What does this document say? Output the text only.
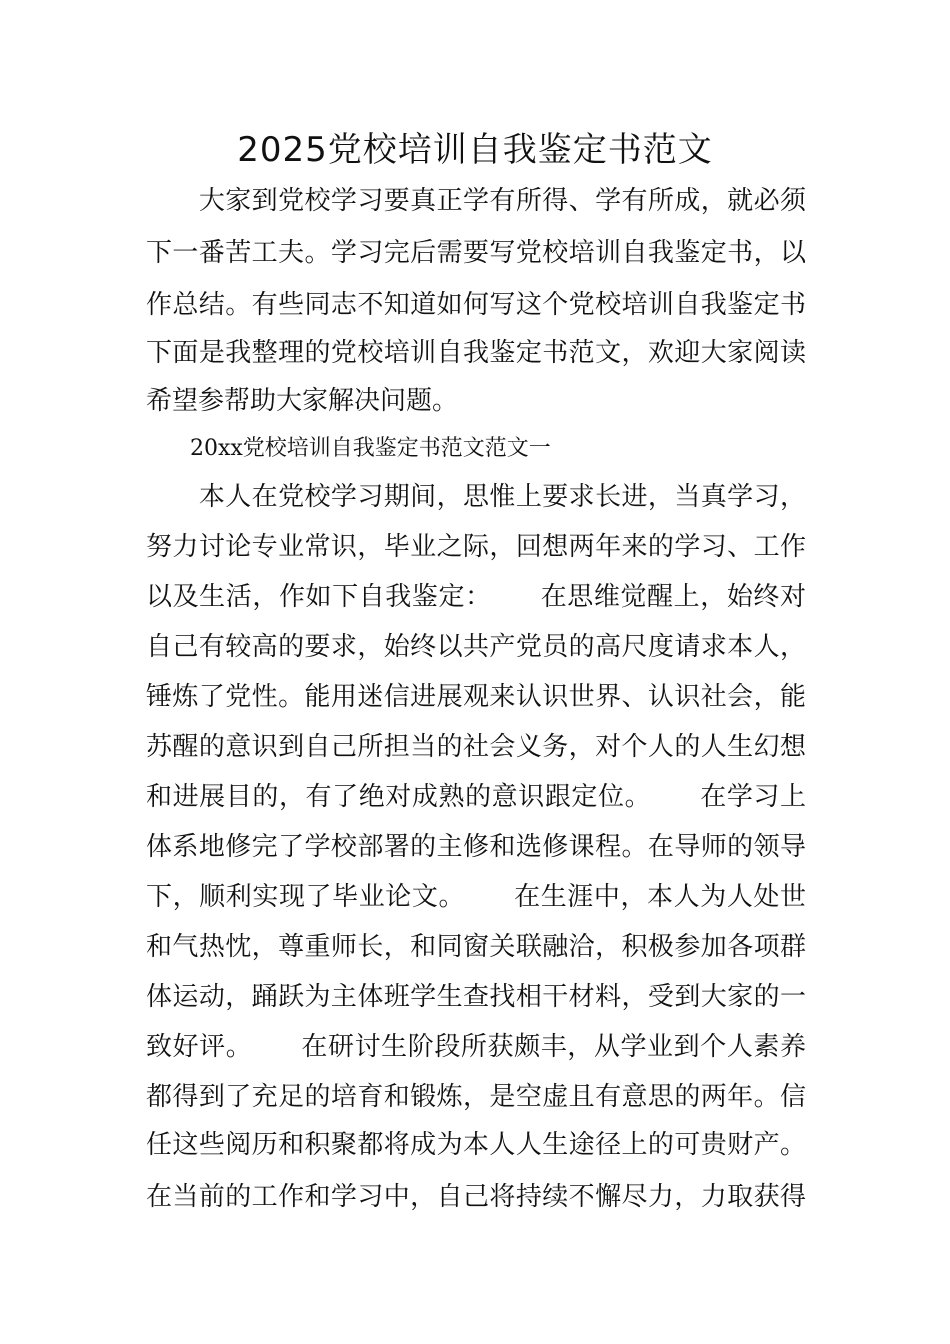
2025党校培训自我鉴定书范文
　　大家到党校学习要真正学有所得、学有所成，就必须
下一番苦工夫。学习完后需要写党校培训自我鉴定书，以
作总结。有些同志不知道如何写这个党校培训自我鉴定书
下面是我整理的党校培训自我鉴定书范文，欢迎大家阅读
希望参帮助大家解决问题。
　　20xx党校培训自我鉴定书范文范文一
　　本人在党校学习期间，思惟上要求长进，当真学习，
努力讨论专业常识，毕业之际，回想两年来的学习、工作
以及生活，作如下自我鉴定：　　 在思维觉醒上，始终对
自己有较高的要求，始终以共产党员的高尺度请求本人，
锤炼了党性。能用迷信进展观来认识世界、认识社会，能
苏醒的意识到自己所担当的社会义务，对个人的人生幻想
和进展目的，有了绝对成熟的意识跟定位。　　 在学习上
体系地修完了学校部署的主修和选修课程。在导师的领导
下，顺利实现了毕业论文。　　 在生涯中，本人为人处世
和气热忱，尊重师长，和同窗关联融洽，积极参加各项群
体运动，踊跃为主体班学生查找相干材料，受到大家的一
致好评。　　 在研讨生阶段所获颇丰，从学业到个人素养
都得到了充足的培育和锻炼，是空虚且有意思的两年。信
任这些阅历和积聚都将成为本人人生途径上的可贵财产。
在当前的工作和学习中，自己将持续不懈尽力，力取获得
